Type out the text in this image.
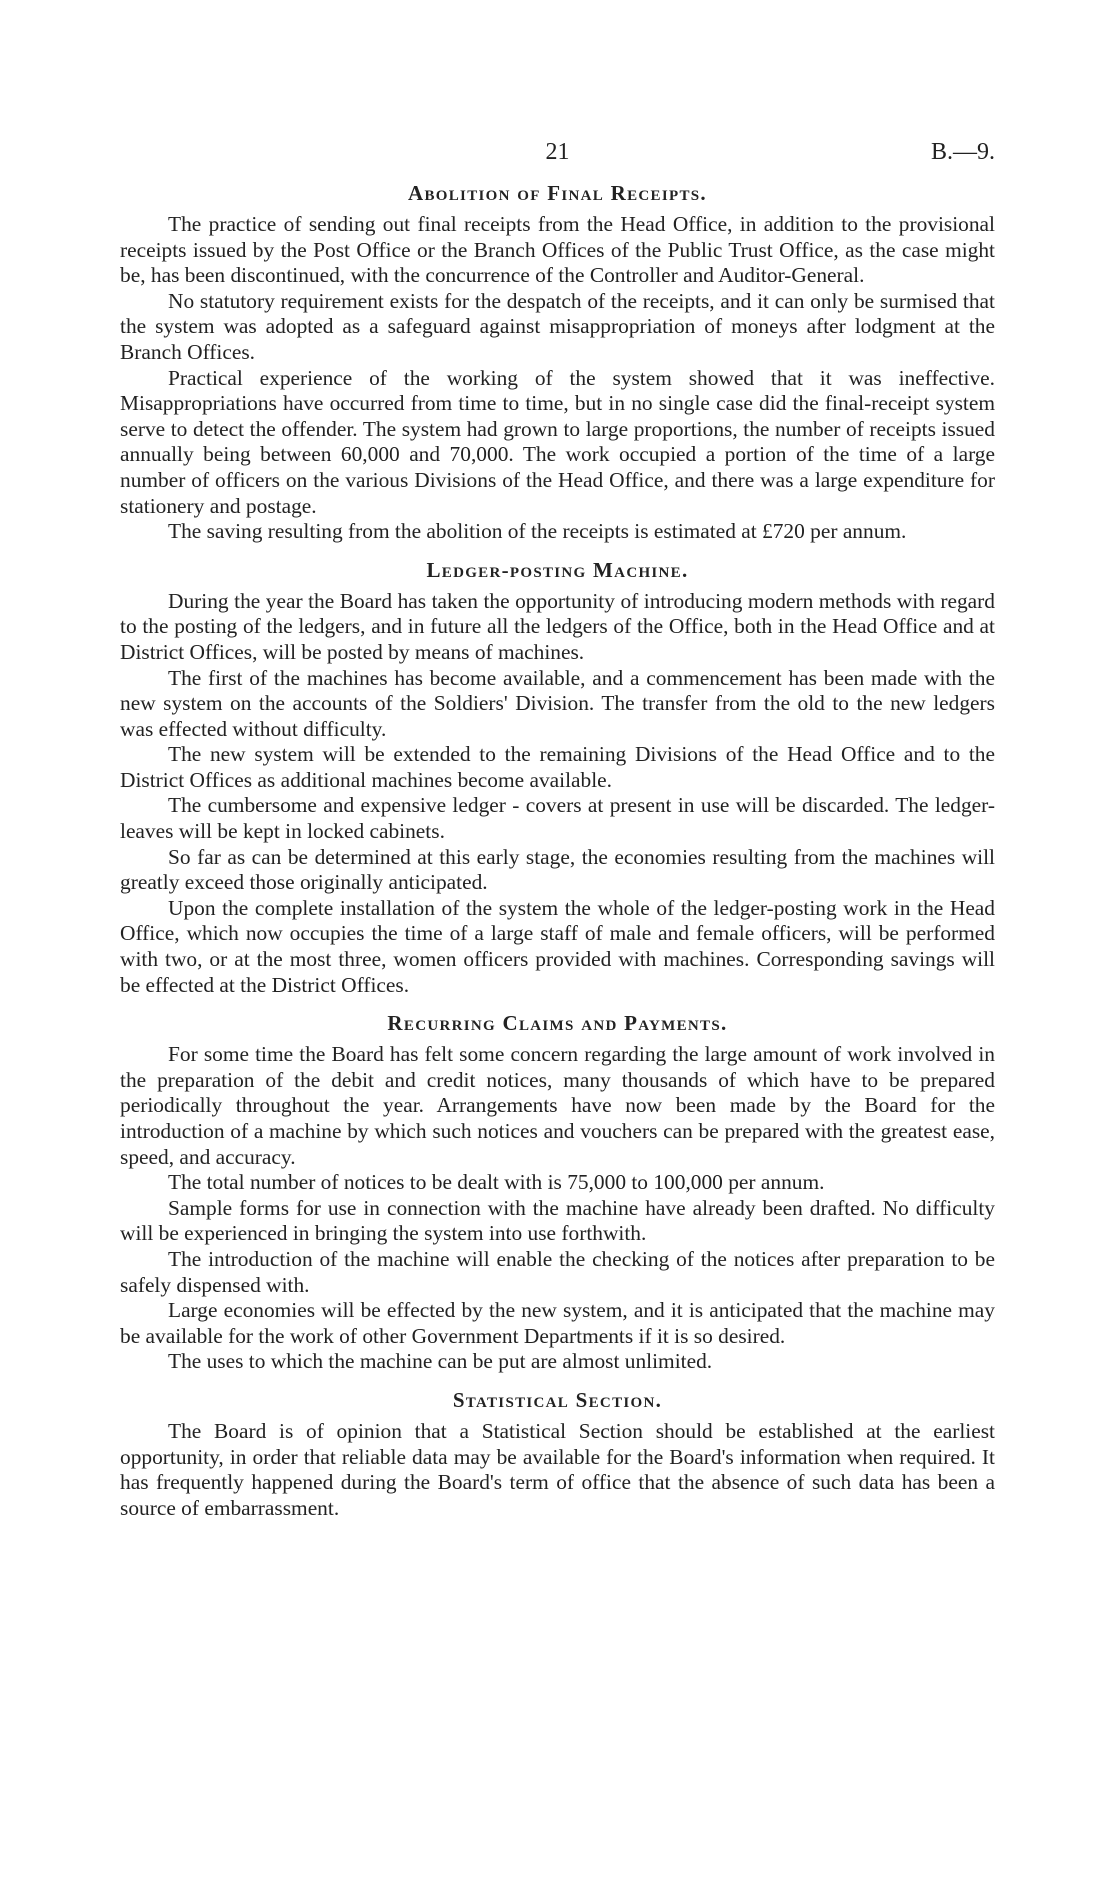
21	B.—9.
Abolition of Final Receipts.

The practice of sending out final receipts from the Head Office, in addition to the provisional receipts issued by the Post Office or the Branch Offices of the Public Trust Office, as the case might be, has been discontinued, with the concurrence of the Controller and Auditor-General.

No statutory requirement exists for the despatch of the receipts, and it can only be surmised that the system was adopted as a safeguard against misappropriation of moneys after lodgment at the Branch Offices.

Practical experience of the working of the system showed that it was ineffective. Misappropriations have occurred from time to time, but in no single case did the final-receipt system serve to detect the offender. The system had grown to large proportions, the number of receipts issued annually being between 60,000 and 70,000. The work occupied a portion of the time of a large number of officers on the various Divisions of the Head Office, and there was a large expenditure for stationery and postage.

The saving resulting from the abolition of the receipts is estimated at £720 per annum.

Ledger-posting Machine.

During the year the Board has taken the opportunity of introducing modern methods with regard to the posting of the ledgers, and in future all the ledgers of the Office, both in the Head Office and at District Offices, will be posted by means of machines.

The first of the machines has become available, and a commencement has been made with the new system on the accounts of the Soldiers' Division. The transfer from the old to the new ledgers was effected without difficulty.

The new system will be extended to the remaining Divisions of the Head Office and to the District Offices as additional machines become available.

The cumbersome and expensive ledger - covers at present in use will be discarded. The ledger-leaves will be kept in locked cabinets.

So far as can be determined at this early stage, the economies resulting from the machines will greatly exceed those originally anticipated.

Upon the complete installation of the system the whole of the ledger-posting work in the Head Office, which now occupies the time of a large staff of male and female officers, will be performed with two, or at the most three, women officers provided with machines. Corresponding savings will be effected at the District Offices.

Recurring Claims and Payments.

For some time the Board has felt some concern regarding the large amount of work involved in the preparation of the debit and credit notices, many thousands of which have to be prepared periodically throughout the year. Arrangements have now been made by the Board for the introduction of a machine by which such notices and vouchers can be prepared with the greatest ease, speed, and accuracy.

The total number of notices to be dealt with is 75,000 to 100,000 per annum.

Sample forms for use in connection with the machine have already been drafted. No difficulty will be experienced in bringing the system into use forthwith.

The introduction of the machine will enable the checking of the notices after preparation to be safely dispensed with.

Large economies will be effected by the new system, and it is anticipated that the machine may be available for the work of other Government Departments if it is so desired.

The uses to which the machine can be put are almost unlimited.

Statistical Section.

The Board is of opinion that a Statistical Section should be established at the earliest opportunity, in order that reliable data may be available for the Board's information when required. It has frequently happened during the Board's term of office that the absence of such data has been a source of embarrassment.
